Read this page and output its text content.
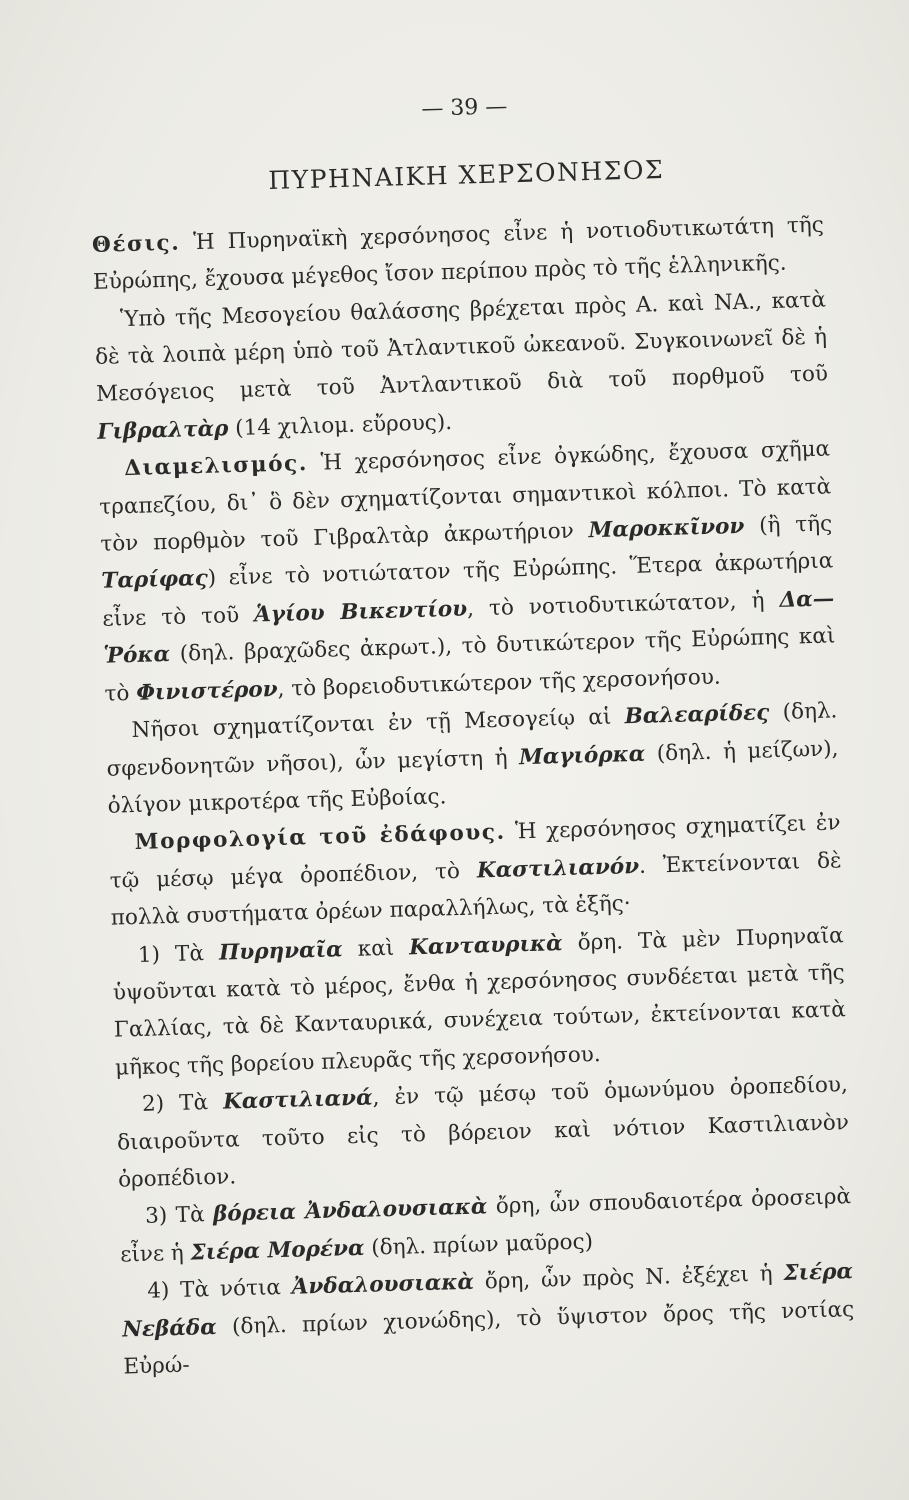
— 39 —
ΠΥΡΗΝΑΙΚΗ ΧΕΡΣΟΝΗΣΟΣ

Θέσις. Ἡ Πυρηναϊκὴ χερσόνησος εἶνε ἡ νοτιοδυτικωτάτη τῆς Εὐρώπης, ἔχουσα μέγεθος ἴσον περίπου πρὸς τὸ τῆς ἑλληνικῆς.

Ὑπὸ τῆς Μεσογείου θαλάσσης βρέχεται πρὸς Α. καὶ ΝΑ., κατὰ δὲ τὰ λοιπὰ μέρη ὑπὸ τοῦ Ἀτλαντικοῦ ὠκεανοῦ. Συγκοινωνεῖ δὲ ἡ Μεσόγειος μετὰ τοῦ Ἀντλαντικοῦ διὰ τοῦ πορθμοῦ τοῦ Γιβραλτὰρ (14 χιλιομ. εὔρους).

Διαμελισμός. Ἡ χερσόνησος εἶνε ὀγκώδης, ἔχουσα σχῆμα τραπεζίου, δι᾽ ὃ δὲν σχηματίζονται σημαντικοὶ κόλποι. Τὸ κατὰ τὸν πορθμὸν τοῦ Γιβραλτὰρ ἀκρωτήριον Μαροκκῖνον (ἢ τῆς Ταρίφας) εἶνε τὸ νοτιώτατον τῆς Εὐρώπης. Ἕτερα ἀκρωτήρια εἶνε τὸ τοῦ Ἁγίου Βικεντίου, τὸ νοτιοδυτικώτατον, ἡ Δα—Ῥόκα (δηλ. βραχῶδες ἀκρωτ.), τὸ δυτικώτερον τῆς Εὐρώπης καὶ τὸ Φινιστέρον, τὸ βορειοδυτικώτερον τῆς χερσονήσου.

Νῆσοι σχηματίζονται ἐν τῇ Μεσογείῳ αἱ Βαλεαρίδες (δηλ. σφενδονητῶν νῆσοι), ὧν μεγίστη ἡ Μαγιόρκα (δηλ. ἡ μείζων), ὀλίγον μικροτέρα τῆς Εὐβοίας.

Μορφολογία τοῦ ἐδάφους. Ἡ χερσόνησος σχηματίζει ἐν τῷ μέσῳ μέγα ὀροπέδιον, τὸ Καστιλιανόν. Ἐκτείνονται δὲ πολλὰ συστήματα ὀρέων παραλλήλως, τὰ ἑξῆς·

1) Τὰ Πυρηναῖα καὶ Κανταυρικὰ ὄρη. Τὰ μὲν Πυρηναῖα ὑψοῦνται κατὰ τὸ μέρος, ἔνθα ἡ χερσόνησος συνδέεται μετὰ τῆς Γαλλίας, τὰ δὲ Κανταυρικά, συνέχεια τούτων, ἐκτείνονται κατὰ μῆκος τῆς βορείου πλευρᾶς τῆς χερσονήσου.

2) Τὰ Καστιλιανά, ἐν τῷ μέσῳ τοῦ ὁμωνύμου ὀροπεδίου, διαιροῦντα τοῦτο εἰς τὸ βόρειον καὶ νότιον Καστιλιανὸν ὀροπέδιον.

3) Τὰ βόρεια Ἀνδαλουσιακὰ ὄρη, ὧν σπουδαιοτέρα ὀροσειρὰ εἶνε ἡ Σιέρα Μορένα (δηλ. πρίων μαῦρος)

4) Τὰ νότια Ἀνδαλουσιακὰ ὄρη, ὧν πρὸς Ν. ἐξέχει ἡ Σιέρα Νεβάδα (δηλ. πρίων χιονώδης), τὸ ὕψιστον ὄρος τῆς νοτίας Εὐρώ-
